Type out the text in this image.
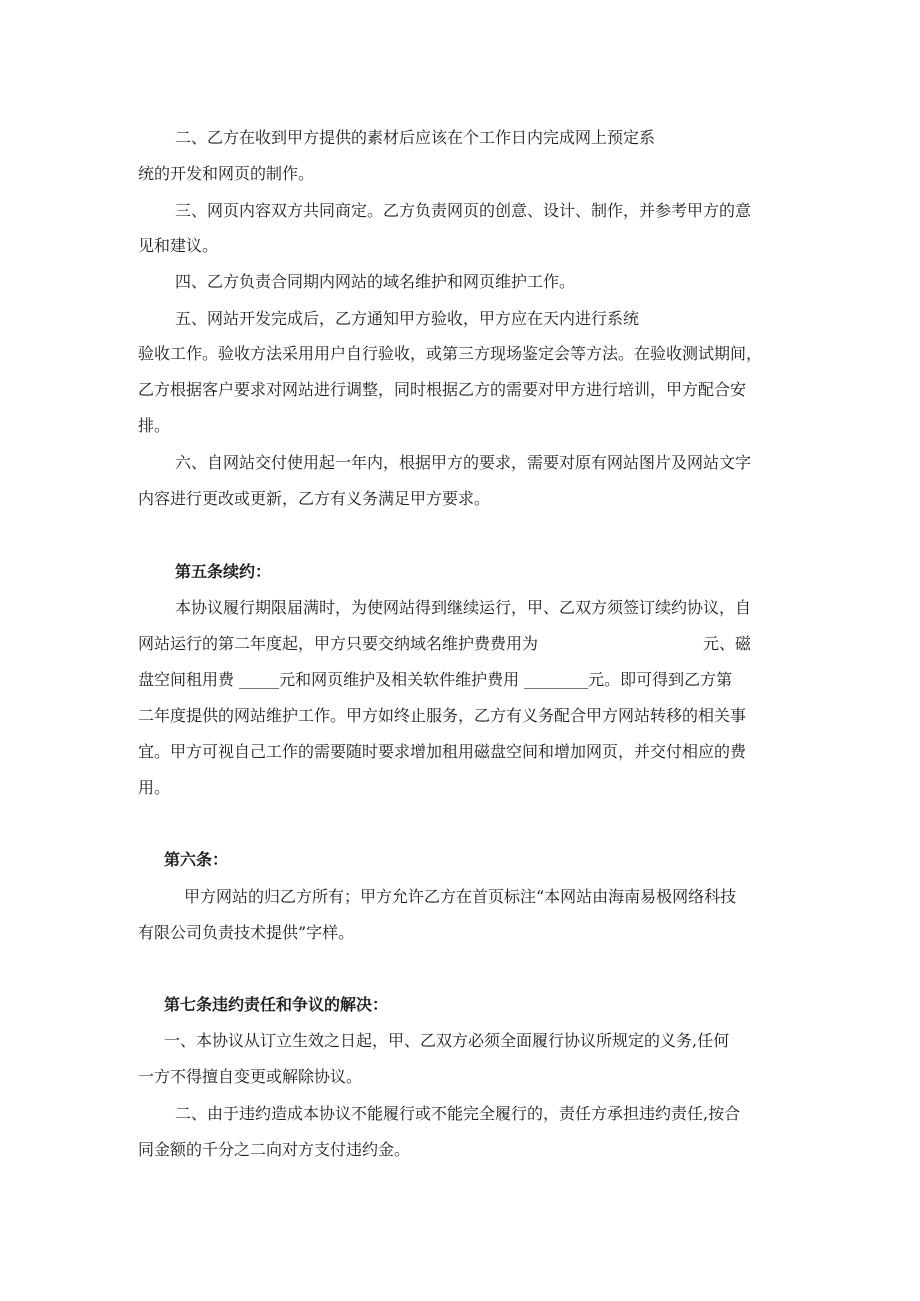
二、乙方在收到甲方提供的素材后应该在个工作日内完成网上预定系

统的开发和网页的制作。

三、网页内容双方共同商定。乙方负责网页的创意、设计、制作，并参考甲方的意

见和建议。

四、乙方负责合同期内网站的域名维护和网页维护工作。

五、网站开发完成后，乙方通知甲方验收，甲方应在天内进行系统

验收工作。验收方法采用用户自行验收，或第三方现场鉴定会等方法。在验收测试期间，

乙方根据客户要求对网站进行调整，同时根据乙方的需要对甲方进行培训，甲方配合安

排。

六、自网站交付使用起一年内，根据甲方的要求，需要对原有网站图片及网站文字

内容进行更改或更新，乙方有义务满足甲方要求。

第五条续约：

本协议履行期限届满时，为使网站得到继续运行，甲、乙双方须签订续约协议，自

网站运行的第二年度起，甲方只要交纳域名维护费费用为	元、磁

盘空间租用费 _____元和网页维护及相关软件维护费用 ________元。即可得到乙方第

二年度提供的网站维护工作。甲方如终止服务，乙方有义务配合甲方网站转移的相关事

宜。甲方可视自己工作的需要随时要求增加租用磁盘空间和增加网页，并交付相应的费

用。

第六条：

甲方网站的归乙方所有；甲方允许乙方在首页标注“本网站由海南易极网络科技

有限公司负责技术提供”字样。

第七条违约责任和争议的解决：

一、本协议从订立生效之日起，甲、乙双方必须全面履行协议所规定的义务,任何

一方不得擅自变更或解除协议。

二、由于违约造成本协议不能履行或不能完全履行的，责任方承担违约责任,按合

同金额的千分之二向对方支付违约金。
